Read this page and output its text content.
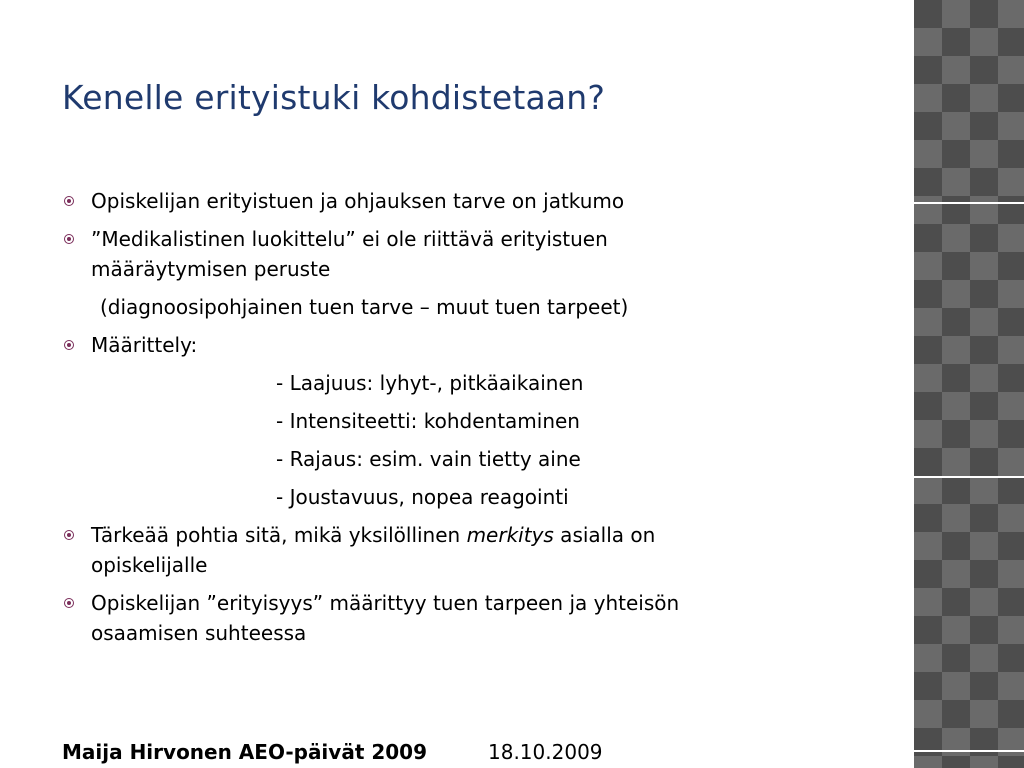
Kenelle erityistuki kohdistetaan?
Opiskelijan erityistuen ja ohjauksen tarve on jatkumo
”Medikalistinen luokittelu” ei ole riittävä erityistuen
määräytymisen peruste
(diagnoosipohjainen tuen tarve – muut tuen tarpeet)
Määrittely:
- Laajuus: lyhyt-, pitkäaikainen
- Intensiteetti: kohdentaminen
- Rajaus: esim. vain tietty aine
- Joustavuus, nopea reagointi
Tärkeää pohtia sitä, mikä yksilöllinen merkitys asialla on
opiskelijalle
Opiskelijan ”erityisyys” määrittyy tuen tarpeen ja yhteisön
osaamisen suhteessa
Maija Hirvonen AEO-päivät 2009	18.10.2009
